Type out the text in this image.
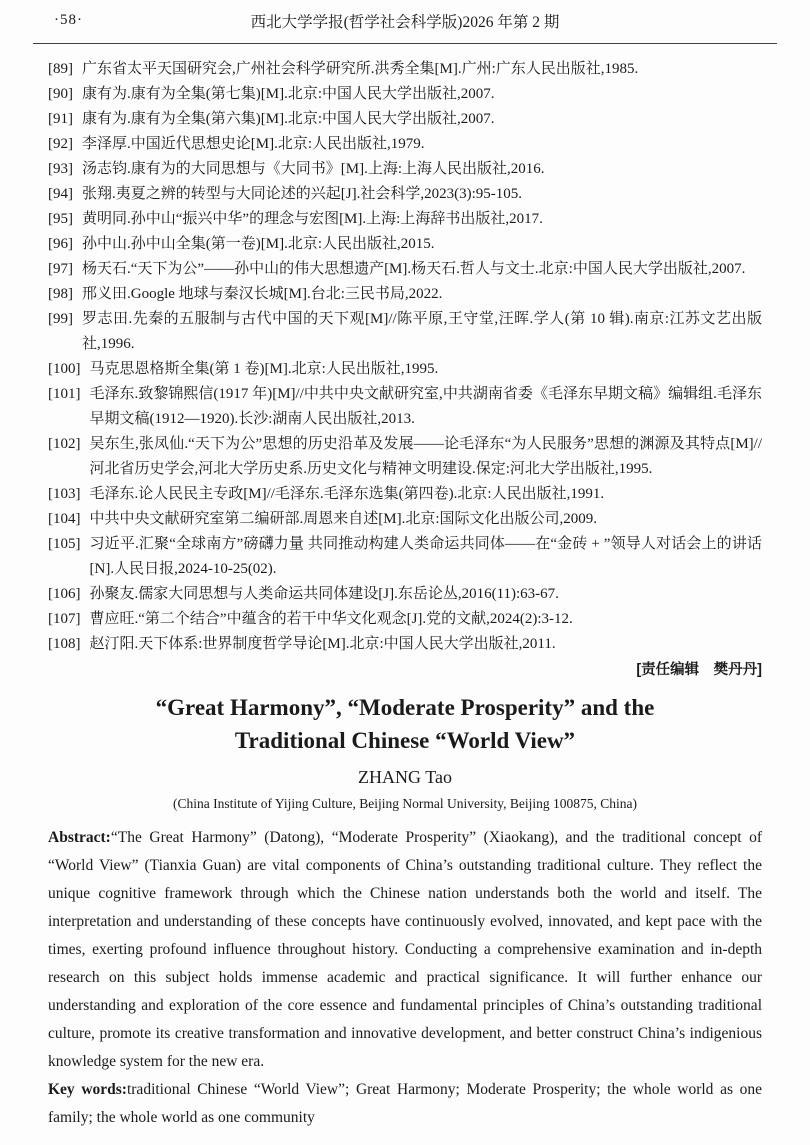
·58·	西北大学学报(哲学社会科学版)2026 年第 2 期
[89] 广东省太平天国研究会,广州社会科学研究所.洪秀全集[M].广州:广东人民出版社,1985.
[90] 康有为.康有为全集(第七集)[M].北京:中国人民大学出版社,2007.
[91] 康有为.康有为全集(第六集)[M].北京:中国人民大学出版社,2007.
[92] 李泽厚.中国近代思想史论[M].北京:人民出版社,1979.
[93] 汤志钧.康有为的大同思想与《大同书》[M].上海:上海人民出版社,2016.
[94] 张翔.夷夏之辨的转型与大同论述的兴起[J].社会科学,2023(3):95-105.
[95] 黄明同.孙中山“振兴中华”的理念与宏图[M].上海:上海辞书出版社,2017.
[96] 孙中山.孙中山全集(第一卷)[M].北京:人民出版社,2015.
[97] 杨天石.“天下为公”——孙中山的伟大思想遗产[M].杨天石.哲人与文士.北京:中国人民大学出版社,2007.
[98] 邢义田.Google 地球与秦汉长城[M].台北:三民书局,2022.
[99] 罗志田.先秦的五服制与古代中国的天下观[M]//陈平原,王守堂,汪晖.学人(第 10 辑).南京:江苏文艺出版社,1996.
[100] 马克思恩格斯全集(第 1 卷)[M].北京:人民出版社,1995.
[101] 毛泽东.致黎锦熙信(1917 年)[M]//中共中央文献研究室,中共湖南省委《毛泽东早期文稿》编辑组.毛泽东早期文稿(1912—1920).长沙:湖南人民出版社,2013.
[102] 吴东生,张凤仙.“天下为公”思想的历史沿革及发展——论毛泽东“为人民服务”思想的渊源及其特点[M]//河北省历史学会,河北大学历史系.历史文化与精神文明建设.保定:河北大学出版社,1995.
[103] 毛泽东.论人民民主专政[M]//毛泽东.毛泽东选集(第四卷).北京:人民出版社,1991.
[104] 中共中央文献研究室第二编研部.周恩来自述[M].北京:国际文化出版公司,2009.
[105] 习近平.汇聚“全球南方”磅礴力量 共同推动构建人类命运共同体——在“金砖 + ”领导人对话会上的讲话[N].人民日报,2024-10-25(02).
[106] 孙聚友.儒家大同思想与人类命运共同体建设[J].东岳论丛,2016(11):63-67.
[107] 曹应旺.“第二个结合”中蕴含的若干中华文化观念[J].党的文献,2024(2):3-12.
[108] 赵汀阳.天下体系:世界制度哲学导论[M].北京:中国人民大学出版社,2011.
[责任编辑　樊丹丹]
“Great Harmony”, “Moderate Prosperity” and the
Traditional Chinese “World View”
ZHANG Tao
(China Institute of Yijing Culture, Beijing Normal University, Beijing 100875, China)

Abstract:“The Great Harmony” (Datong), “Moderate Prosperity” (Xiaokang), and the traditional concept of “World View” (Tianxia Guan) are vital components of China’s outstanding traditional culture. They reflect the unique cognitive framework through which the Chinese nation understands both the world and itself. The interpretation and understanding of these concepts have continuously evolved, innovated, and kept pace with the times, exerting profound influence throughout history. Conducting a comprehensive examination and in-depth research on this subject holds immense academic and practical significance. It will further enhance our understanding and exploration of the core essence and fundamental principles of China’s outstanding traditional culture, promote its creative transformation and innovative development, and better construct China’s indigenious knowledge system for the new era.

Key words:traditional Chinese “World View”; Great Harmony; Moderate Prosperity; the whole world as one family; the whole world as one community
